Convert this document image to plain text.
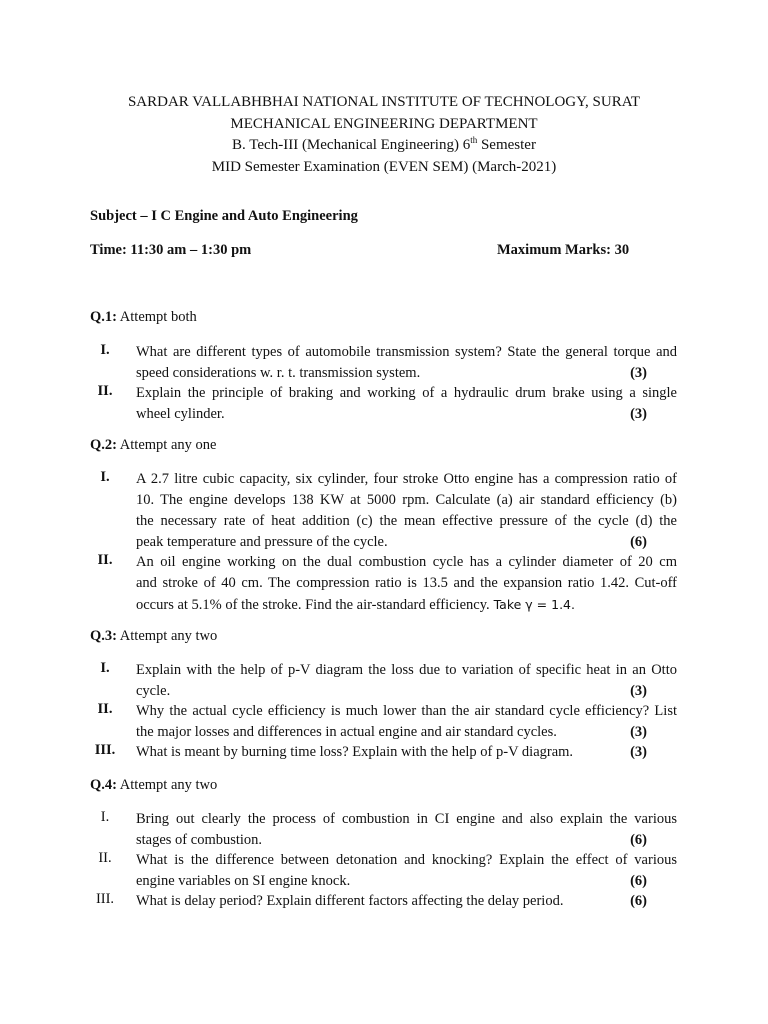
SARDAR VALLABHBHAI NATIONAL INSTITUTE OF TECHNOLOGY, SURAT
MECHANICAL ENGINEERING DEPARTMENT
B. Tech-III (Mechanical Engineering) 6th Semester
MID Semester Examination (EVEN SEM) (March-2021)
Subject – I C Engine and Auto Engineering
Time: 11:30 am – 1:30 pm	Maximum Marks: 30
Q.1: Attempt both
I.	What are different types of automobile transmission system? State the general torque and
speed considerations w. r. t. transmission system.	(3)
II.	Explain the principle of braking and working of a hydraulic drum brake using a single
wheel cylinder.	(3)
Q.2: Attempt any one
I.	A 2.7 litre cubic capacity, six cylinder, four stroke Otto engine has a compression ratio of
10. The engine develops 138 KW at 5000 rpm. Calculate (a) air standard efficiency (b)
the necessary rate of heat addition (c) the mean effective pressure of the cycle (d) the
peak temperature and pressure of the cycle.	(6)
II.	An oil engine working on the dual combustion cycle has a cylinder diameter of 20 cm
and stroke of 40 cm. The compression ratio is 13.5 and the expansion ratio 1.42. Cut-off
occurs at 5.1% of the stroke. Find the air-standard efficiency. Take γ = 1.4.
Q.3: Attempt any two
I.	Explain with the help of p-V diagram the loss due to variation of specific heat in an Otto
cycle.	(3)
II.	Why the actual cycle efficiency is much lower than the air standard cycle efficiency? List
the major losses and differences in actual engine and air standard cycles.	(3)
III.	What is meant by burning time loss? Explain with the help of p-V diagram.	(3)
Q.4: Attempt any two
I.	Bring out clearly the process of combustion in CI engine and also explain the various
stages of combustion.	(6)
II.	What is the difference between detonation and knocking? Explain the effect of various
engine variables on SI engine knock.	(6)
III.	What is delay period? Explain different factors affecting the delay period.	(6)
